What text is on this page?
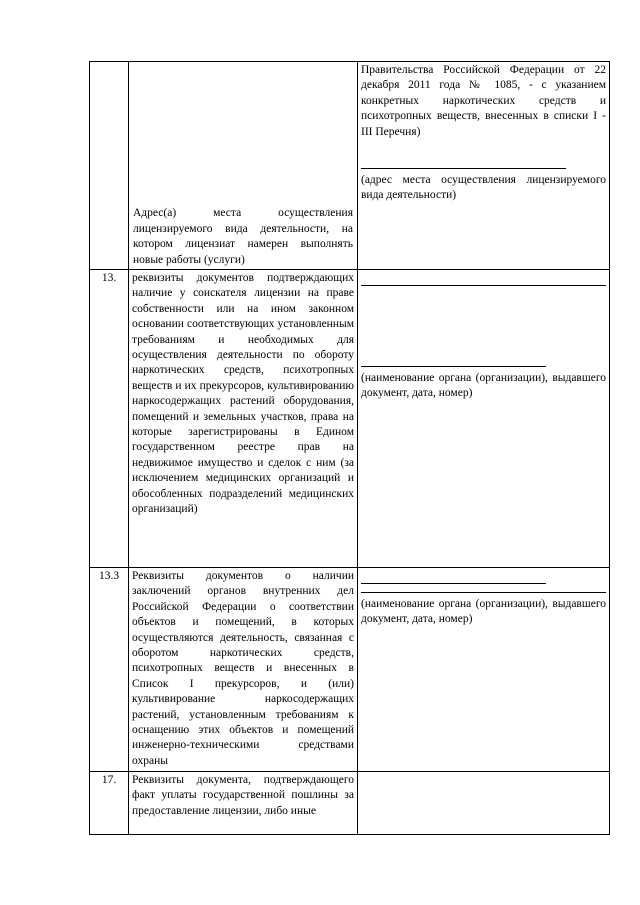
	Адрес(а) места осуществления лицензируемого вида деятельности, на котором лицензиат намерен выполнять новые работы (услуги)	Правительства Российской Федерации от 22 декабря 2011 года № 1085, - с указанием конкретных наркотических средств и психотропных веществ, внесенных в списки I - III Перечня)
(адрес места осуществления лицензируемого вида деятельности)

13.	реквизиты документов подтверждающих наличие у соискателя лицензии на праве собственности или на ином законном основании соответствующих установленным требованиям и необходимых для осуществления деятельности по обороту наркотических средств, психотропных веществ и их прекурсоров, культивированию наркосодержащих растений оборудования, помещений и земельных участков, права на которые зарегистрированы в Едином государственном реестре прав на недвижимое имущество и сделок с ним (за исключением медицинских организаций и обособленных подразделений медицинских организаций)	(наименование органа (организации), выдавшего документ, дата, номер)

13.3	Реквизиты документов о наличии заключений органов внутренних дел Российской Федерации о соответствии объектов и помещений, в которых осуществляются деятельность, связанная с оборотом наркотических средств, психотропных веществ и внесенных в Список I прекурсоров, и (или) культивирование наркосодержащих растений, установленным требованиям к оснащению этих объектов и помещений инженерно-техническими средствами охраны	(наименование органа (организации), выдавшего документ, дата, номер)

17.	Реквизиты документа, подтверждающего факт уплаты государственной пошлины за предоставление лицензии, либо иные	
